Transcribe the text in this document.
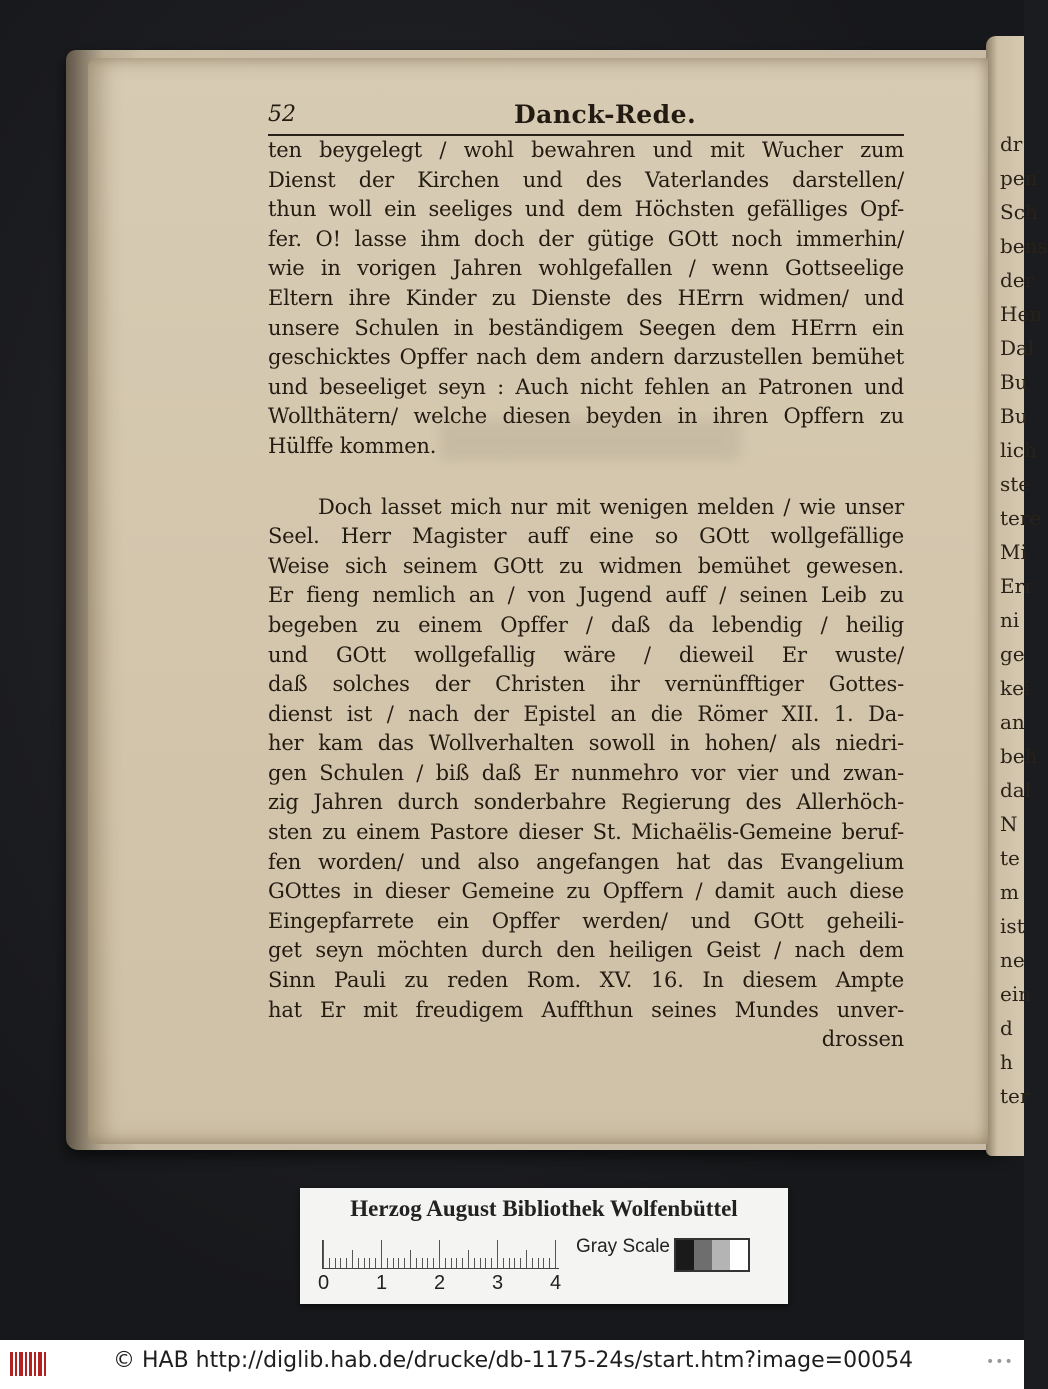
dr
pen
Sch
bens
der
Hen
Dal
Bu
Bu
lich
ste
tere
Mi
Err
ni
ge
kei
an
beh
dal
N
te
m
ist
ne
ein
d
h
ter
52	Danck-Rede.
ten beygelegt / wohl bewahren und mit Wucher zum
Dienst der Kirchen und des Vaterlandes darstellen/
thun woll ein seeliges und dem Höchsten gefälliges Opf-
fer. O! lasse ihm doch der gütige GOtt noch immerhin/
wie in vorigen Jahren wohlgefallen / wenn Gottseelige
Eltern ihre Kinder zu Dienste des HErrn widmen/ und
unsere Schulen in beständigem Seegen dem HErrn ein
geschicktes Opffer nach dem andern darzustellen bemühet
und beseeliget seyn : Auch nicht fehlen an Patronen und
Wollthätern/ welche diesen beyden in ihren Opffern zu
Hülffe kommen.
Doch lasset mich nur mit wenigen melden / wie unser
Seel. Herr Magister auff eine so GOtt wollgefällige
Weise sich seinem GOtt zu widmen bemühet gewesen.
Er fieng nemlich an / von Jugend auff / seinen Leib zu
begeben zu einem Opffer / daß da lebendig / heilig
und GOtt wollgefallig wäre / dieweil Er wuste/
daß solches der Christen ihr vernünfftiger Gottes-
dienst ist / nach der Epistel an die Römer XII. 1. Da-
her kam das Wollverhalten sowoll in hohen/ als niedri-
gen Schulen / biß daß Er nunmehro vor vier und zwan-
zig Jahren durch sonderbahre Regierung des Allerhöch-
sten zu einem Pastore dieser St. Michaëlis-Gemeine beruf-
fen worden/ und also angefangen hat das Evangelium
GOttes in dieser Gemeine zu Opffern / damit auch diese
Eingepfarrete ein Opffer werden/ und GOtt geheili-
get seyn möchten durch den heiligen Geist / nach dem
Sinn Pauli zu reden Rom. XV. 16. In diesem Ampte
hat Er mit freudigem Auffthun seines Mundes unver-
drossen
Herzog August Bibliothek Wolfenbüttel
0 1 2 3 4
Gray Scale
© HAB http://diglib.hab.de/drucke/db-1175-24s/start.htm?image=00054	•••
